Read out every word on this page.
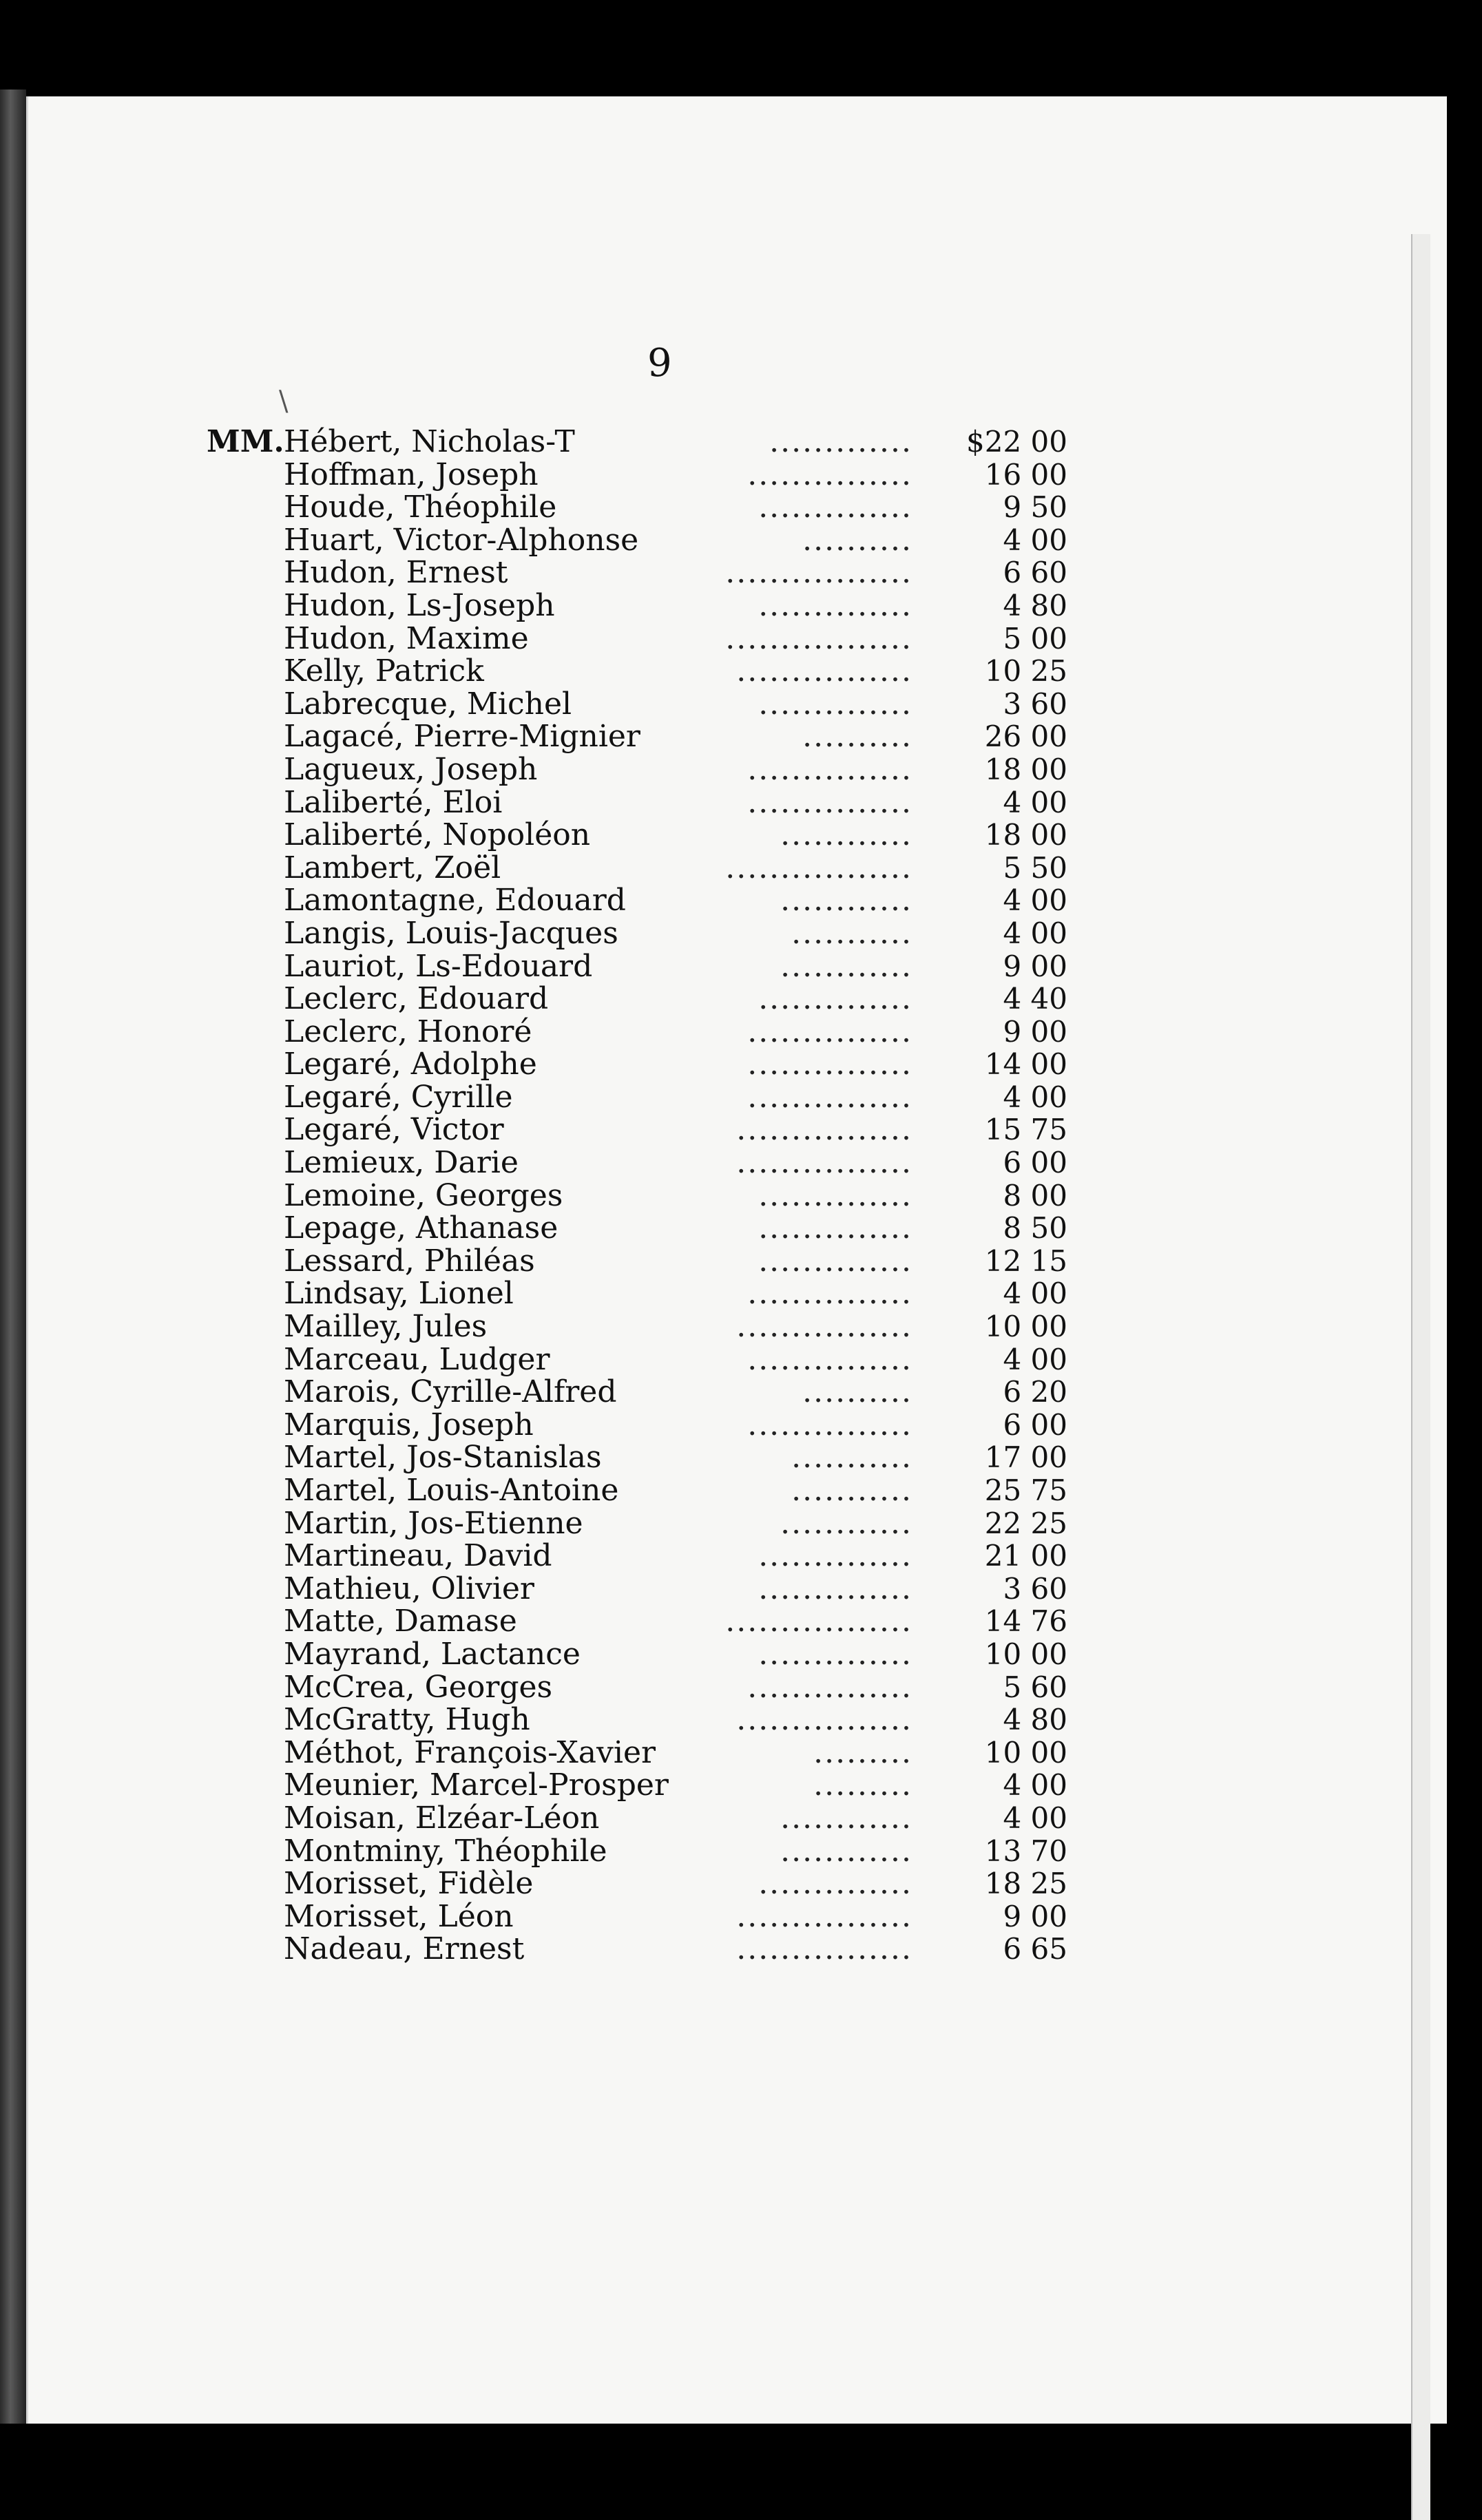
9
MM. Hébert, Nicholas-T	.............	$22 00
Hoffman, Joseph	...............	16 00
Houde, Théophile	..............	9 50
Huart, Victor-Alphonse	..........	4 00
Hudon, Ernest	.................	6 60
Hudon, Ls-Joseph	..............	4 80
Hudon, Maxime	.................	5 00
Kelly, Patrick	................	10 25
Labrecque, Michel	..............	3 60
Lagacé, Pierre-Mignier	..........	26 00
Lagueux, Joseph	...............	18 00
Laliberté, Eloi	...............	4 00
Laliberté, Nopoléon	............	18 00
Lambert, Zoël	.................	5 50
Lamontagne, Edouard	............	4 00
Langis, Louis-Jacques	...........	4 00
Lauriot, Ls-Edouard	............	9 00
Leclerc, Edouard	..............	4 40
Leclerc, Honoré	...............	9 00
Legaré, Adolphe	...............	14 00
Legaré, Cyrille	...............	4 00
Legaré, Victor	................	15 75
Lemieux, Darie	................	6 00
Lemoine, Georges	..............	8 00
Lepage, Athanase	..............	8 50
Lessard, Philéas	..............	12 15
Lindsay, Lionel	...............	4 00
Mailley, Jules	................	10 00
Marceau, Ludger	...............	4 00
Marois, Cyrille-Alfred	..........	6 20
Marquis, Joseph	...............	6 00
Martel, Jos-Stanislas	...........	17 00
Martel, Louis-Antoine	...........	25 75
Martin, Jos-Etienne	............	22 25
Martineau, David	..............	21 00
Mathieu, Olivier	..............	3 60
Matte, Damase	.................	14 76
Mayrand, Lactance	..............	10 00
McCrea, Georges	...............	5 60
McGratty, Hugh	................	4 80
Méthot, François-Xavier	.........	10 00
Meunier, Marcel-Prosper	.........	4 00
Moisan, Elzéar-Léon	............	4 00
Montminy, Théophile	............	13 70
Morisset, Fidèle	..............	18 25
Morisset, Léon	................	9 00
Nadeau, Ernest	................	6 65
\
